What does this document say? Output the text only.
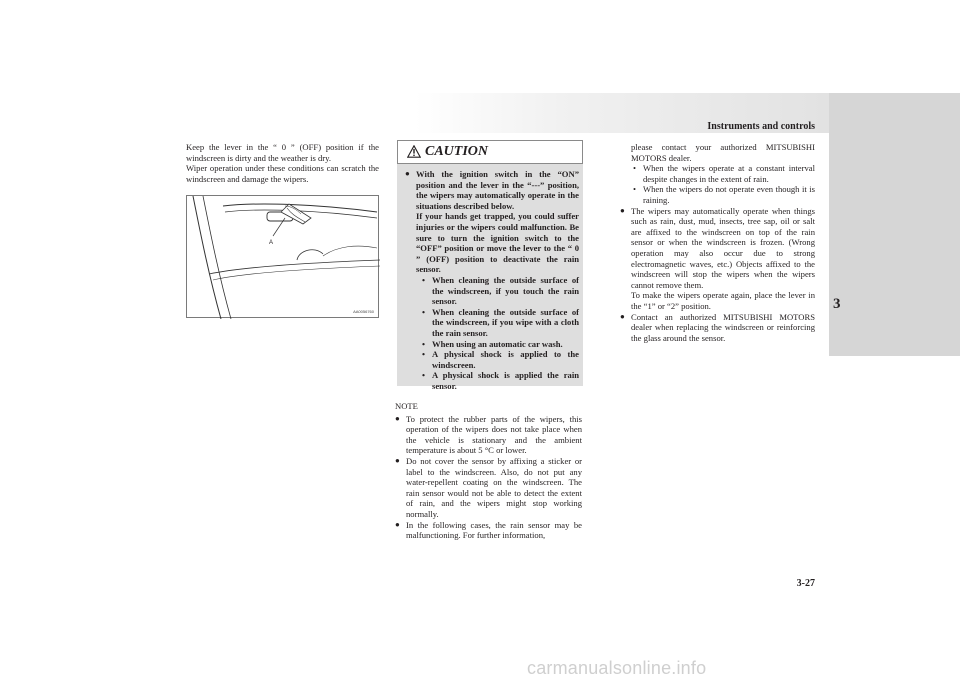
Instruments and controls
3

Keep the lever in the “ 0 ” (OFF) position if the windscreen is dirty and the weather is dry.

Wiper operation under these conditions can scratch the windscreen and damage the wipers.

A
AA0056760
CAUTION
● With the ignition switch in the “ON” position and the lever in the “---” position, the wipers may automatically operate in the situations described below.
If your hands get trapped, you could suffer injuries or the wipers could malfunction. Be sure to turn the ignition switch to the “OFF” position or move the lever to the “ 0 ” (OFF) position to deactivate the rain sensor.
• When cleaning the outside surface of the windscreen, if you touch the rain sensor.
• When cleaning the outside surface of the windscreen, if you wipe with a cloth the rain sensor.
• When using an automatic car wash.
• A physical shock is applied to the windscreen.
• A physical shock is applied the rain sensor.
NOTE
● To protect the rubber parts of the wipers, this operation of the wipers does not take place when the vehicle is stationary and the ambient temperature is about 5 °C or lower.
● Do not cover the sensor by affixing a sticker or label to the windscreen. Also, do not put any water-repellent coating on the windscreen. The rain sensor would not be able to detect the extent of rain, and the wipers might stop working normally.
● In the following cases, the rain sensor may be malfunctioning. For further information,
please contact your authorized MITSUBISHI MOTORS dealer.
• When the wipers operate at a constant interval despite changes in the extent of rain.
• When the wipers do not operate even though it is raining.
● The wipers may automatically operate when things such as rain, dust, mud, insects, tree sap, oil or salt are affixed to the windscreen on top of the rain sensor or when the windscreen is frozen. (Wrong operation may also occur due to strong electromagnetic waves, etc.) Objects affixed to the windscreen will stop the wipers when the wipers cannot remove them.
To make the wipers operate again, place the lever in the “1” or “2” position.
● Contact an authorized MITSUBISHI MOTORS dealer when replacing the windscreen or reinforcing the glass around the sensor.
3-27
carmanualsonline.info
